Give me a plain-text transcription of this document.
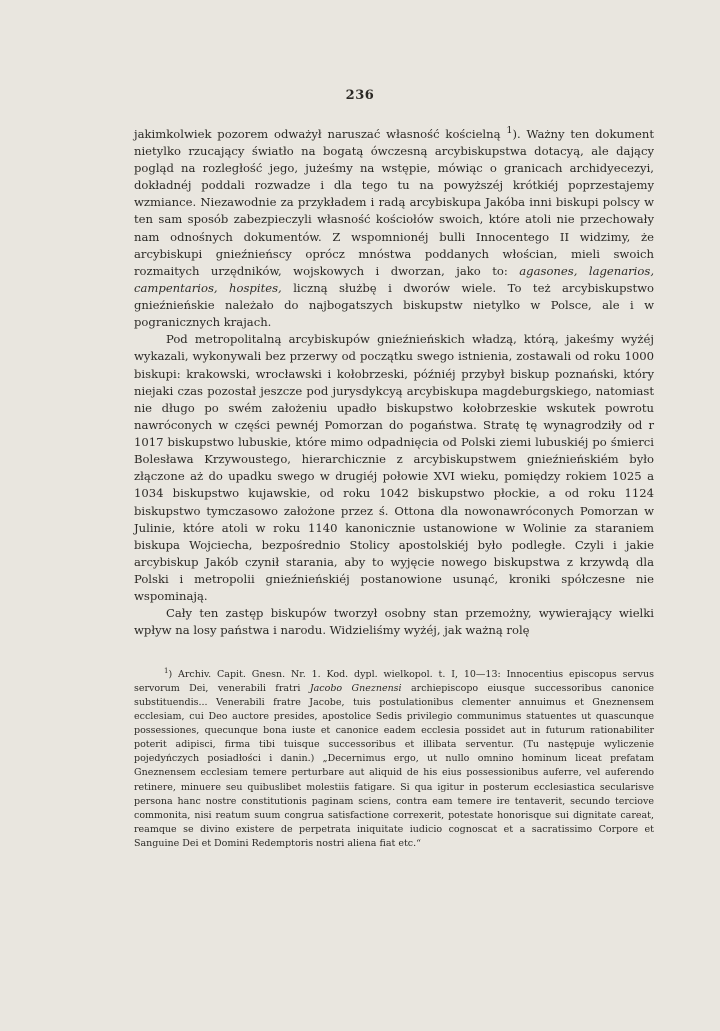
236

jakimkolwiek pozorem odważył naruszać własność kościelną $^1$). Ważny ten dokument nietylko rzucający światło na bogatą ówczesną arcybiskupstwa dotacyą, ale dający pogląd na rozległość jego, jużeśmy na wstępie, mówiąc o granicach archidyecezyi, dokładnéj poddali rozwadze i dla tego tu na powyższéj krótkiéj poprzestajemy wzmiance. Niezawodnie za przykładem i radą arcybiskupa Jakóba inni biskupi polscy w ten sam sposób zabezpieczyli własność kościołów swoich, które atoli nie przechowały nam odnośnych dokumentów. Z wspomnionéj bulli Innocentego II widzimy, że arcybiskupi gnieźnieńscy oprócz mnóstwa poddanych włościan, mieli swoich rozmaitych urzędników, wojskowych i dworzan, jako to: agasones, lagenarios, campentarios, hospites, liczną służbę i dworów wiele. To też arcybiskupstwo gnieźnieńskie należało do najbogatszych biskupstw nietylko w Polsce, ale i w pogranicznych krajach.

Pod metropolitalną arcybiskupów gnieźnieńskich władzą, którą, jakeśmy wyżéj wykazali, wykonywali bez przerwy od początku swego istnienia, zostawali od roku 1000 biskupi: krakowski, wrocławski i kołobrzeski, późniéj przybył biskup poznański, który niejaki czas pozostał jeszcze pod jurysdykcyą arcybiskupa magdeburgskiego, natomiast nie długo po swém założeniu upadło biskupstwo kołobrzeskie wskutek powrotu nawróconych w części pewnéj Pomorzan do pogaństwa. Stratę tę wynagrodziły od r 1017 biskupstwo lubuskie, które mimo odpadnięcia od Polski ziemi lubuskiéj po śmierci Bolesława Krzywoustego, hierarchicznie z arcybiskupstwem gnieźnieńskiém było złączone aż do upadku swego w drugiéj połowie XVI wieku, pomiędzy rokiem 1025 a 1034 biskupstwo kujawskie, od roku 1042 biskupstwo płockie, a od roku 1124 biskupstwo tymczasowo założone przez ś. Ottona dla nowonawróconych Pomorzan w Julinie, które atoli w roku 1140 kanonicznie ustanowione w Wolinie za staraniem biskupa Wojciecha, bezpośrednio Stolicy apostolskiéj było podległe. Czyli i jakie arcybiskup Jakób czynił starania, aby to wyjęcie nowego biskupstwa z krzywdą dla Polski i metropolii gnieźnieńskiéj postanowione usunąć, kroniki spółczesne nie wspominają.

Cały ten zastęp biskupów tworzył osobny stan przemożny, wywierający wielki wpływ na losy państwa i narodu. Widzieliśmy wyżéj, jak ważną rolę

$^1$) Archiv. Capit. Gnesn. Nr. 1. Kod. dypl. wielkopol. t. I, 10—13: Innocentius episcopus servus servorum Dei, venerabili fratri Jacobo Gneznensi archiepiscopo eiusque successoribus canonice substituendis... Venerabili fratre Jacobe, tuis postulationibus clementer annuimus et Gneznensem ecclesiam, cui Deo auctore presides, apostolice Sedis privilegio communimus statuentes ut quascunque possessiones, quecunque bona iuste et canonice eadem ecclesia possidet aut in futurum rationabiliter poterit adipisci, firma tibi tuisque successoribus et illibata serventur. (Tu następuje wyliczenie pojedyńczych posiadłości i danin.) „Decernimus ergo, ut nullo omnino hominum liceat prefatam Gneznensem ecclesiam temere perturbare aut aliquid de his eius possessionibus auferre, vel auferendo retinere, minuere seu quibuslibet molestiis fatigare. Si qua igitur in posterum ecclesiastica secularisve persona hanc nostre constitutionis paginam sciens, contra eam temere ire tentaverit, secundo terciove commonita, nisi reatum suum congrua satisfactione correxerit, potestate honorisque sui dignitate careat, reamque se divino existere de perpetrata iniquitate iudicio cognoscat et a sacratissimo Corpore et Sanguine Dei et Domini Redemptoris nostri aliena fiat etc.“
